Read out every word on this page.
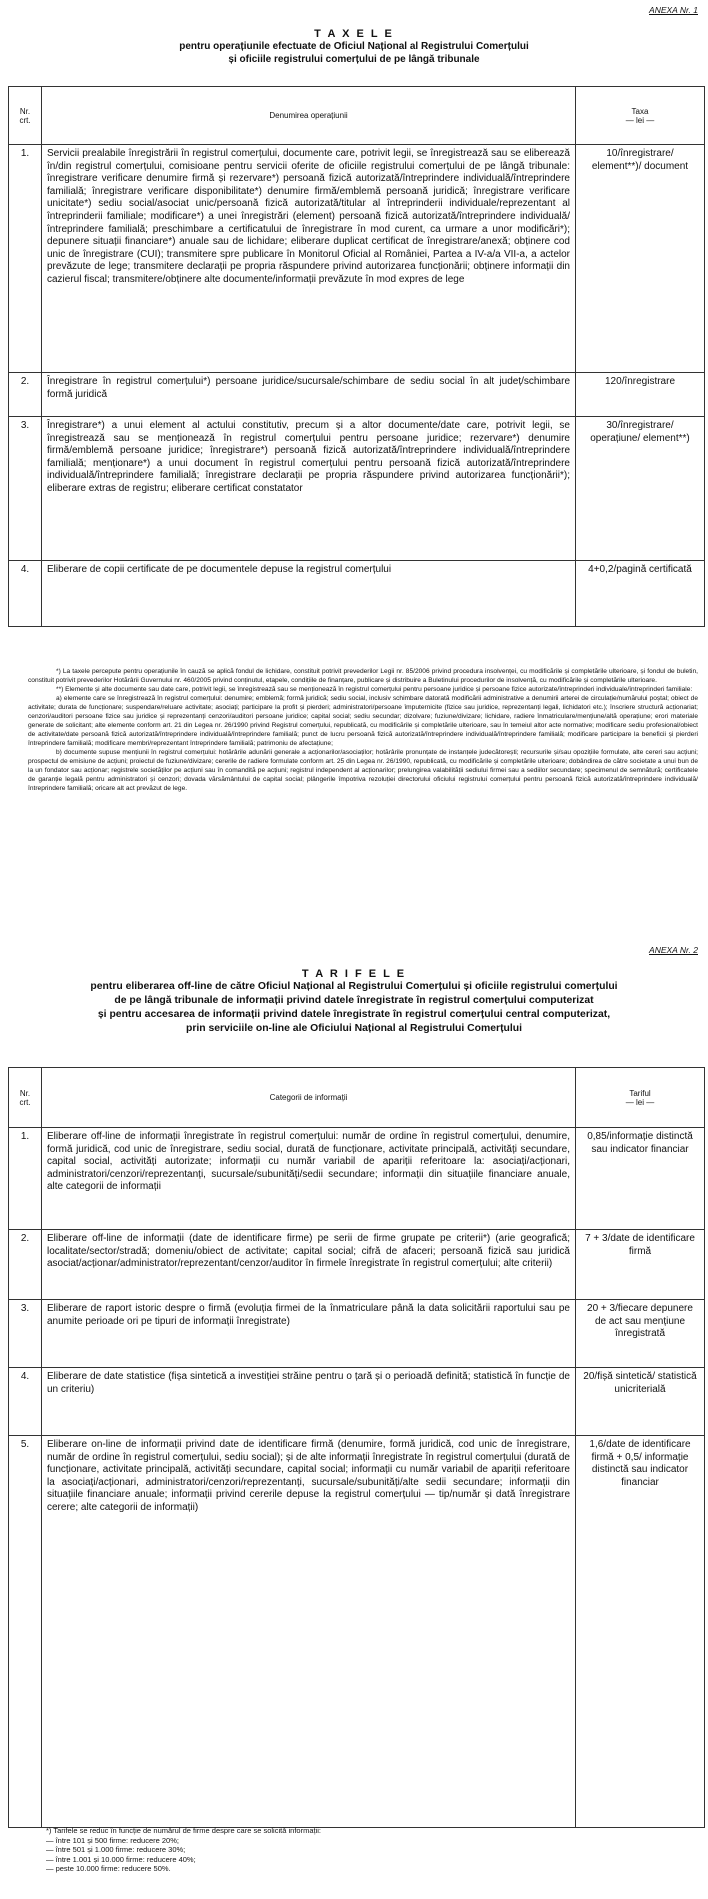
ANEXA Nr. 1
T A X E L E
pentru operațiunile efectuate de Oficiul Național al Registrului Comerțului
și oficiile registrului comerțului de pe lângă tribunale
Nr.
crt.	Denumirea operațiunii	Taxa
— lei —
1.	Servicii prealabile înregistrării în registrul comerțului, documente care, potrivit legii, se înregistrează sau se eliberează în/din registrul comerțului, comisioane pentru servicii oferite de oficiile registrului comerțului de pe lângă tribunale: înregistrare verificare denumire firmă și rezervare*) persoană fizică autorizată/întreprindere individuală/întreprindere familială; înregistrare verificare disponibilitate*) denumire firmă/emblemă persoană juridică; înregistrare verificare unicitate*) sediu social/asociat unic/persoană fizică autorizată/titular al întreprinderii individuale/reprezentant al întreprinderii familiale; modificare*) a unei înregistrări (element) persoană fizică autorizată/întreprindere individuală/întreprindere familială; preschimbare a certificatului de înregistrare în mod curent, ca urmare a unor modificări*); depunere situații financiare*) anuale sau de lichidare; eliberare duplicat certificat de înregistrare/anexă; obținere cod unic de înregistrare (CUI); transmitere spre publicare în Monitorul Oficial al României, Partea a IV-a/a VII-a, a actelor prevăzute de lege; transmitere declarații pe propria răspundere privind autorizarea funcționării; obținere informații din cazierul fiscal; transmitere/obținere alte documente/informații prevăzute în mod expres de lege	10/înregistrare/ element**)/ document
2.	Înregistrare în registrul comerțului*) persoane juridice/sucursale/schimbare de sediu social în alt județ/schimbare formă juridică	120/înregistrare
3.	Înregistrare*) a unui element al actului constitutiv, precum și a altor documente/date care, potrivit legii, se înregistrează sau se menționează în registrul comerțului pentru persoane juridice; rezervare*) denumire firmă/emblemă persoane juridice; înregistrare*) persoană fizică autorizată/întreprindere individuală/întreprindere familială; menționare*) a unui document în registrul comerțului pentru persoană fizică autorizată/întreprindere individuală/întreprindere familială; înregistrare declarații pe propria răspundere privind autorizarea funcționării*); eliberare extras de registru; eliberare certificat constatator	30/înregistrare/ operațiune/ element**)
4.	Eliberare de copii certificate de pe documentele depuse la registrul comerțului	4+0,2/pagină certificată

*) La taxele percepute pentru operațiunile în cauză se aplică fondul de lichidare, constituit potrivit prevederilor Legii nr. 85/2006 privind procedura insolvenței, cu modificările și completările ulterioare, și fondul de buletin, constituit potrivit prevederilor Hotărârii Guvernului nr. 460/2005 privind conținutul, etapele, condițiile de finanțare, publicare și distribuire a Buletinului procedurilor de insolvență, cu modificările și completările ulterioare.

**) Elemente și alte documente sau date care, potrivit legii, se înregistrează sau se menționează în registrul comerțului pentru persoane juridice și persoane fizice autorizate/întreprinderi individuale/întreprinderi familiale:

a) elemente care se înregistrează în registrul comerțului: denumire; emblemă; formă juridică; sediu social, inclusiv schimbare datorată modificării administrative a denumirii arterei de circulație/numărului poștal; obiect de activitate; durata de funcționare; suspendare/reluare activitate; asociați; participare la profit și pierderi; administratori/persoane împuternicite (fizice sau juridice, reprezentanți legali, lichidatori etc.); înscriere structură acționariat; cenzori/auditori persoane fizice sau juridice și reprezentanți cenzori/auditori persoane juridice; capital social; sediu secundar; dizolvare; fuziune/divizare; lichidare, radiere înmatriculare/mențiune/altă operațiune; erori materiale generate de solicitant; alte elemente conform art. 21 din Legea nr. 26/1990 privind Registrul comerțului, republicată, cu modificările și completările ulterioare, sau în temeiul altor acte normative; modificare sediu profesional/obiect de activitate/date persoană fizică autorizată/întreprindere individuală/întreprindere familială; punct de lucru persoană fizică autorizată/întreprindere individuală/întreprindere familială; modificare participare la beneficii și pierderi întreprindere familială; modificare membri/reprezentant întreprindere familială; patrimoniu de afectațiune;

b) documente supuse mențiunii în registrul comerțului: hotărârile adunării generale a acționarilor/asociaților; hotărârile pronunțate de instanțele judecătorești; recursurile și/sau opozițiile formulate, alte cereri sau acțiuni; prospectul de emisiune de acțiuni; proiectul de fuziune/divizare; cererile de radiere formulate conform art. 25 din Legea nr. 26/1990, republicată, cu modificările și completările ulterioare; dobândirea de către societate a unui bun de la un fondator sau acționar; registrele societăților pe acțiuni sau în comandită pe acțiuni; registrul independent al acționarilor; prelungirea valabilității sediului firmei sau a sediilor secundare; specimenul de semnătură; certificatele de garanție legală pentru administratori și cenzori; dovada vărsământului de capital social; plângerile împotriva rezoluției directorului oficiului registrului comerțului pentru persoană fizică autorizată/întreprindere individuală/întreprindere familială; oricare alt act prevăzut de lege.

ANEXA Nr. 2
T A R I F E L E
pentru eliberarea off-line de către Oficiul Național al Registrului Comerțului și oficiile registrului comerțului
de pe lângă tribunale de informații privind datele înregistrate în registrul comerțului computerizat
și pentru accesarea de informații privind datele înregistrate în registrul comerțului central computerizat,
prin serviciile on-line ale Oficiului Național al Registrului Comerțului
Nr.
crt.	Categorii de informații	Tariful
— lei —
1.	Eliberare off-line de informații înregistrate în registrul comerțului: număr de ordine în registrul comerțului, denumire, formă juridică, cod unic de înregistrare, sediu social, durată de funcționare, activitate principală, activități secundare, capital social, activități autorizate; informații cu număr variabil de apariții referitoare la: asociați/acționari, administratori/cenzori/reprezentanți, sucursale/subunități/sedii secundare; informații din situațiile financiare anuale, alte categorii de informații	0,85/informație distinctă sau indicator financiar
2.	Eliberare off-line de informații (date de identificare firme) pe serii de firme grupate pe criterii*) (arie geografică; localitate/sector/stradă; domeniu/obiect de activitate; capital social; cifră de afaceri; persoană fizică sau juridică asociat/acționar/administrator/reprezentant/cenzor/auditor în firmele înregistrate în registrul comerțului; alte criterii)	7 + 3/date de identificare firmă
3.	Eliberare de raport istoric despre o firmă (evoluția firmei de la înmatriculare până la data solicitării raportului sau pe anumite perioade ori pe tipuri de informații înregistrate)	20 + 3/fiecare depunere de act sau mențiune înregistrată
4.	Eliberare de date statistice (fișa sintetică a investiției străine pentru o țară și o perioadă definită; statistică în funcție de un criteriu)	20/fișă sintetică/ statistică unicriterială
5.	Eliberare on-line de informații privind date de identificare firmă (denumire, formă juridică, cod unic de înregistrare, număr de ordine în registrul comerțului, sediu social); și de alte informații înregistrate în registrul comerțului (durată de funcționare, activitate principală, activități secundare, capital social; informații cu număr variabil de apariții referitoare la asociați/acționari, administratori/cenzori/reprezentanți, sucursale/subunități/alte sedii secundare; informații din situațiile financiare anuale; informații privind cererile depuse la registrul comerțului — tip/număr și dată înregistrare cerere; alte categorii de informații)	1,6/date de identificare firmă + 0,5/ informație distinctă sau indicator financiar
*) Tarifele se reduc în funcție de numărul de firme despre care se solicită informații:
— între 101 și 500 firme: reducere 20%;
— între 501 și 1.000 firme: reducere 30%;
— între 1.001 și 10.000 firme: reducere 40%;
— peste 10.000 firme: reducere 50%.
